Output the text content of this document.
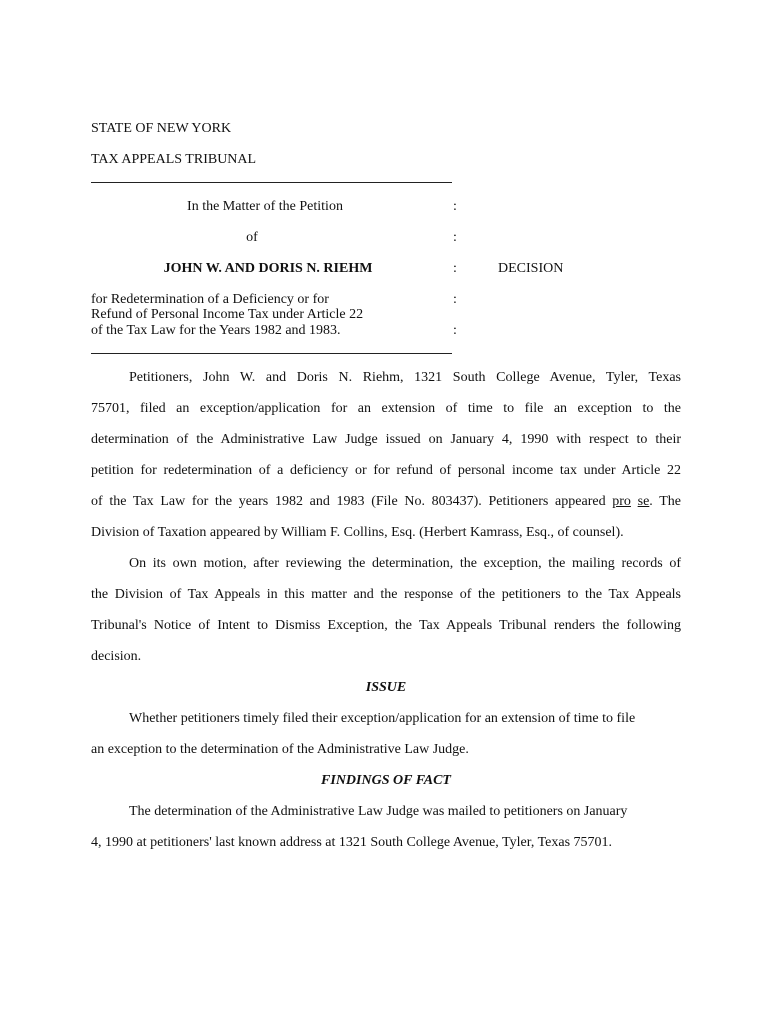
STATE OF NEW YORK
TAX APPEALS TRIBUNAL
In the Matter of the Petition	:
of	:
JOHN W. AND DORIS N. RIEHM	:	DECISION
for Redetermination of a Deficiency or for	:
Refund of Personal Income Tax under Article 22
of the Tax Law for the Years 1982 and 1983.	:
Petitioners, John W. and Doris N. Riehm, 1321 South College Avenue, Tyler, Texas
75701, filed an exception/application for an extension of time to file an exception to the
determination of the Administrative Law Judge issued on January 4, 1990 with respect to their
petition for redetermination of a deficiency or for refund of personal income tax under Article 22
of the Tax Law for the years 1982 and 1983 (File No. 803437). Petitioners appeared pro se. The
Division of Taxation appeared by William F. Collins, Esq. (Herbert Kamrass, Esq., of counsel).
On its own motion, after reviewing the determination, the exception, the mailing records of
the Division of Tax Appeals in this matter and the response of the petitioners to the Tax Appeals
Tribunal's Notice of Intent to Dismiss Exception, the Tax Appeals Tribunal renders the following
decision.
ISSUE
Whether petitioners timely filed their exception/application for an extension of time to file
an exception to the determination of the Administrative Law Judge.
FINDINGS OF FACT
The determination of the Administrative Law Judge was mailed to petitioners on January
4, 1990 at petitioners' last known address at 1321 South College Avenue, Tyler, Texas 75701.
